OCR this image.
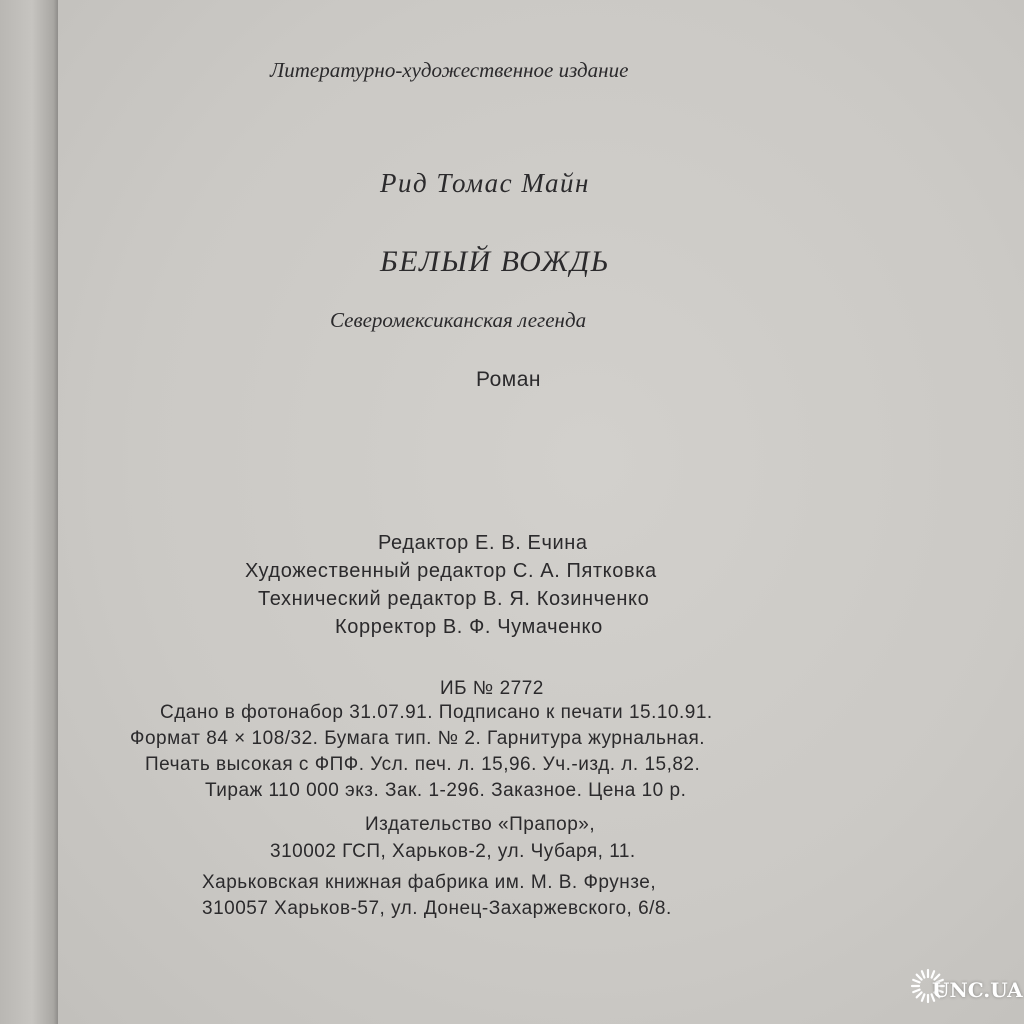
Литературно-художественное издание

Рид Томас Майн

БЕЛЫЙ ВОЖДЬ

Северомексиканская легенда

Роман

Редактор Е. В. Ечина
Художественный редактор С. А. Пятковка
Технический редактор В. Я. Козинченко
Корректор В. Ф. Чумаченко
ИБ № 2772
Сдано в фотонабор 31.07.91. Подписано к печати 15.10.91.
Формат 84 × 108/32. Бумага тип. № 2. Гарнитура журнальная.
Печать высокая с ФПФ. Усл. печ. л. 15,96. Уч.-изд. л. 15,82.
Тираж 110 000 экз. Зак. 1-296. Заказное. Цена 10 р.
Издательство «Прапор»,
310002 ГСП, Харьков-2, ул. Чубаря, 11.
Харьковская книжная фабрика им. М. В. Фрунзе,
310057 Харьков-57, ул. Донец-Захаржевского, 6/8.
UNC.UA
